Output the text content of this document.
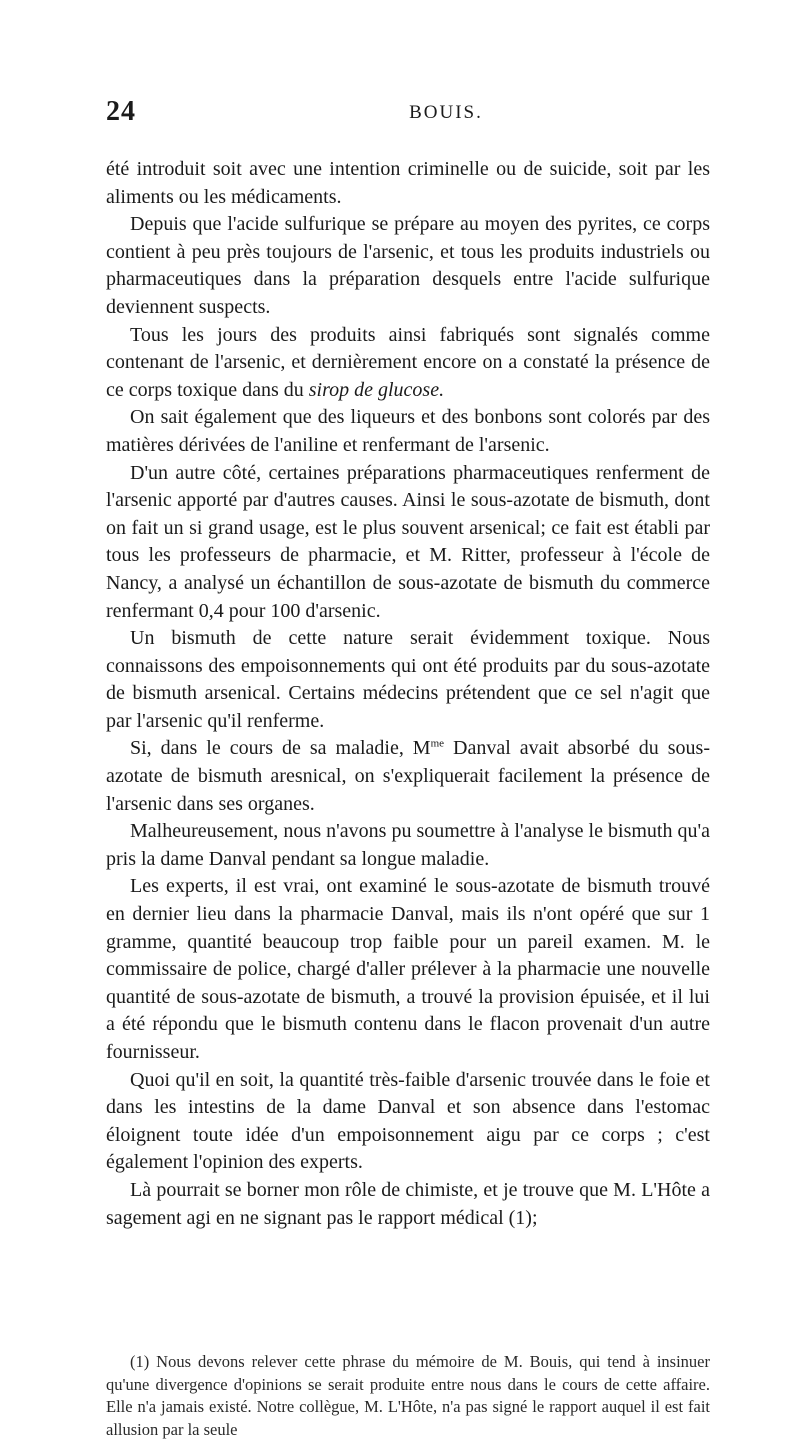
24	BOUIS.

été introduit soit avec une intention criminelle ou de suicide, soit par les aliments ou les médicaments.

Depuis que l'acide sulfurique se prépare au moyen des pyrites, ce corps contient à peu près toujours de l'arsenic, et tous les produits industriels ou pharmaceutiques dans la préparation desquels entre l'acide sulfurique deviennent suspects.

Tous les jours des produits ainsi fabriqués sont signalés comme contenant de l'arsenic, et dernièrement encore on a constaté la présence de ce corps toxique dans du sirop de glucose.

On sait également que des liqueurs et des bonbons sont colorés par des matières dérivées de l'aniline et renfermant de l'arsenic.

D'un autre côté, certaines préparations pharmaceutiques renferment de l'arsenic apporté par d'autres causes. Ainsi le sous-azotate de bismuth, dont on fait un si grand usage, est le plus souvent arsenical; ce fait est établi par tous les professeurs de pharmacie, et M. Ritter, professeur à l'école de Nancy, a analysé un échantillon de sous-azotate de bismuth du commerce renfermant 0,4 pour 100 d'arsenic.

Un bismuth de cette nature serait évidemment toxique. Nous connaissons des empoisonnements qui ont été produits par du sous-azotate de bismuth arsenical. Certains médecins prétendent que ce sel n'agit que par l'arsenic qu'il renferme.

Si, dans le cours de sa maladie, $M^{me}$ Danval avait absorbé du sous-azotate de bismuth aresnical, on s'expliquerait facilement la présence de l'arsenic dans ses organes.

Malheureusement, nous n'avons pu soumettre à l'analyse le bismuth qu'a pris la dame Danval pendant sa longue maladie.

Les experts, il est vrai, ont examiné le sous-azotate de bismuth trouvé en dernier lieu dans la pharmacie Danval, mais ils n'ont opéré que sur 1 gramme, quantité beaucoup trop faible pour un pareil examen. M. le commissaire de police, chargé d'aller prélever à la pharmacie une nouvelle quantité de sous-azotate de bismuth, a trouvé la provision épuisée, et il lui a été répondu que le bismuth contenu dans le flacon provenait d'un autre fournisseur.

Quoi qu'il en soit, la quantité très-faible d'arsenic trouvée dans le foie et dans les intestins de la dame Danval et son absence dans l'estomac éloignent toute idée d'un empoisonnement aigu par ce corps ; c'est également l'opinion des experts.

Là pourrait se borner mon rôle de chimiste, et je trouve que M. L'Hôte a sagement agi en ne signant pas le rapport médical (1);

(1) Nous devons relever cette phrase du mémoire de M. Bouis, qui tend à insinuer qu'une divergence d'opinions se serait produite entre nous dans le cours de cette affaire. Elle n'a jamais existé. Notre collègue, M. L'Hôte, n'a pas signé le rapport auquel il est fait allusion par la seule
